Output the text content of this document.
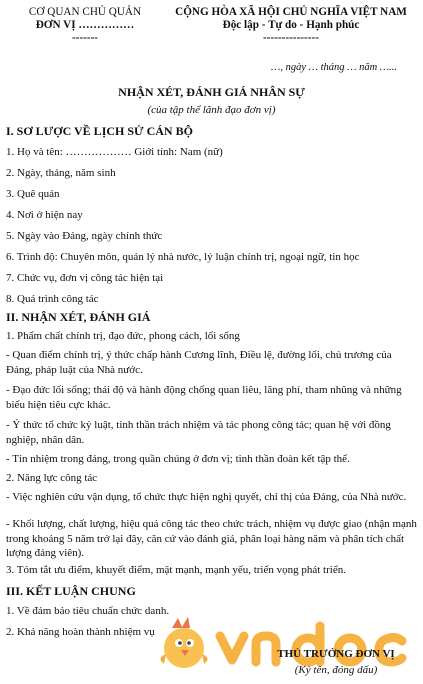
CƠ QUAN CHỦ QUẢN
ĐƠN VỊ ……………
-------
CỘNG HÒA XÃ HỘI CHỦ NGHĨA VIỆT NAM
Độc lập - Tự do - Hạnh phúc
---------------
…, ngày … tháng … năm …...
NHẬN XÉT, ĐÁNH GIÁ NHÂN SỰ
(của tập thể lãnh đạo đơn vị)
I. SƠ LƯỢC VỀ LỊCH SỬ CÁN BỘ
1. Họ và tên: ……………… Giới tính: Nam (nữ)
2. Ngày, tháng, năm sinh
3. Quê quán
4. Nơi ở hiện nay
5. Ngày vào Đảng, ngày chính thức
6. Trình độ: Chuyên môn, quản lý nhà nước, lý luận chính trị, ngoại ngữ, tin học
7. Chức vụ, đơn vị công tác hiện tại
8. Quá trình công tác
II. NHẬN XÉT, ĐÁNH GIÁ
1. Phẩm chất chính trị, đạo đức, phong cách, lối sống
- Quan điểm chính trị, ý thức chấp hành Cương lĩnh, Điều lệ, đường lối, chủ trương của Đảng, pháp luật của Nhà nước.
- Đạo đức lối sống; thái độ và hành động chống quan liêu, lãng phí, tham nhũng và những biểu hiện tiêu cực khác.
- Ý thức tổ chức kỷ luật, tinh thần trách nhiệm và tác phong công tác; quan hệ với đồng nghiệp, nhân dân.
- Tín nhiệm trong đảng, trong quần chúng ở đơn vị; tinh thần đoàn kết tập thể.
2. Năng lực công tác
- Việc nghiên cứu vận dụng, tổ chức thực hiện nghị quyết, chỉ thị của Đảng, của Nhà nước.
- Khối lượng, chất lượng, hiệu quả công tác theo chức trách, nhiệm vụ được giao (nhận mạnh trong khoảng 5 năm trở lại đây, căn cứ vào đánh giá, phân loại hàng năm và phân tích chất lượng đảng viên).
3. Tóm tắt ưu điểm, khuyết điểm, mặt mạnh, mạnh yếu, triển vọng phát triển.
III. KẾT LUẬN CHUNG
1. Về đảm bảo tiêu chuẩn chức danh.
2. Khả năng hoàn thành nhiệm vụ
THỦ TRƯỞNG ĐƠN VỊ
(Ký tên, đóng dấu)
